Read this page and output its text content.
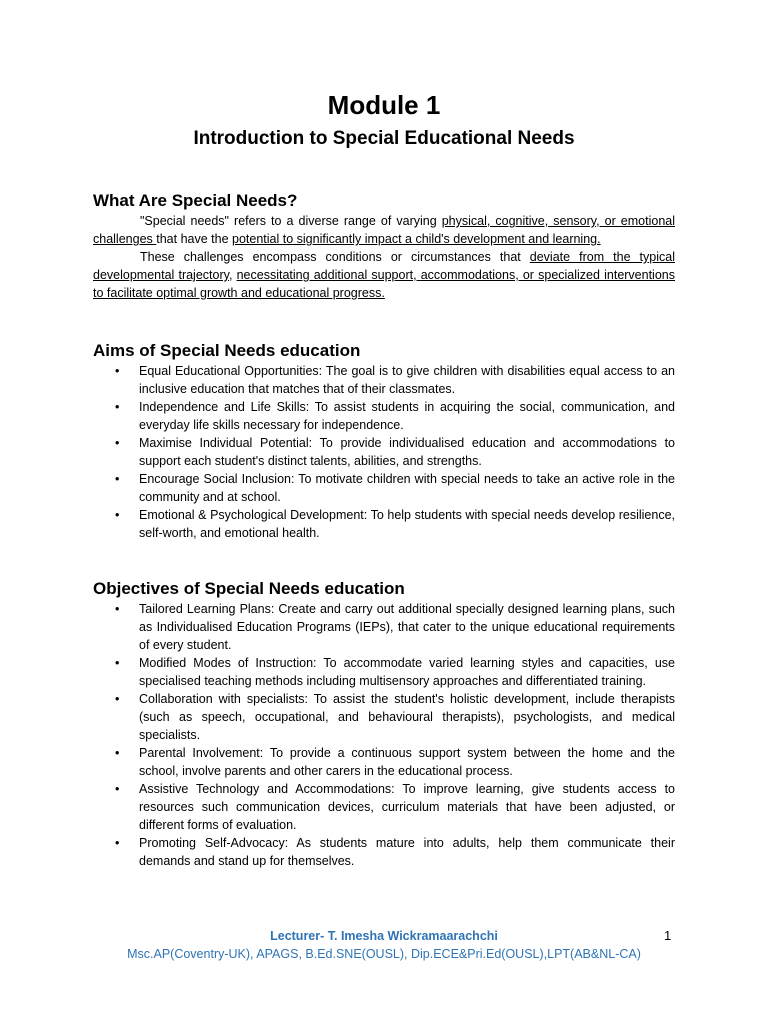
Module 1
Introduction to Special Educational Needs
What Are Special Needs?

"Special needs" refers to a diverse range of varying physical, cognitive, sensory, or emotional challenges that have the potential to significantly impact a child's development and learning.

These challenges encompass conditions or circumstances that deviate from the typical developmental trajectory, necessitating additional support, accommodations, or specialized interventions to facilitate optimal growth and educational progress.

Aims of Special Needs education
• Equal Educational Opportunities: The goal is to give children with disabilities equal access to an inclusive education that matches that of their classmates.
• Independence and Life Skills: To assist students in acquiring the social, communication, and everyday life skills necessary for independence.
• Maximise Individual Potential: To provide individualised education and accommodations to support each student's distinct talents, abilities, and strengths.
• Encourage Social Inclusion: To motivate children with special needs to take an active role in the community and at school.
• Emotional & Psychological Development: To help students with special needs develop resilience, self-worth, and emotional health.
Objectives of Special Needs education
• Tailored Learning Plans: Create and carry out additional specially designed learning plans, such as Individualised Education Programs (IEPs), that cater to the unique educational requirements of every student.
• Modified Modes of Instruction: To accommodate varied learning styles and capacities, use specialised teaching methods including multisensory approaches and differentiated training.
• Collaboration with specialists: To assist the student's holistic development, include therapists (such as speech, occupational, and behavioural therapists), psychologists, and medical specialists.
• Parental Involvement: To provide a continuous support system between the home and the school, involve parents and other carers in the educational process.
• Assistive Technology and Accommodations: To improve learning, give students access to resources such communication devices, curriculum materials that have been adjusted, or different forms of evaluation.
• Promoting Self-Advocacy: As students mature into adults, help them communicate their demands and stand up for themselves.
Lecturer- T. Imesha Wickramaarachchi	1
Msc.AP(Coventry-UK), APAGS, B.Ed.SNE(OUSL), Dip.ECE&Pri.Ed(OUSL),LPT(AB&NL-CA)
